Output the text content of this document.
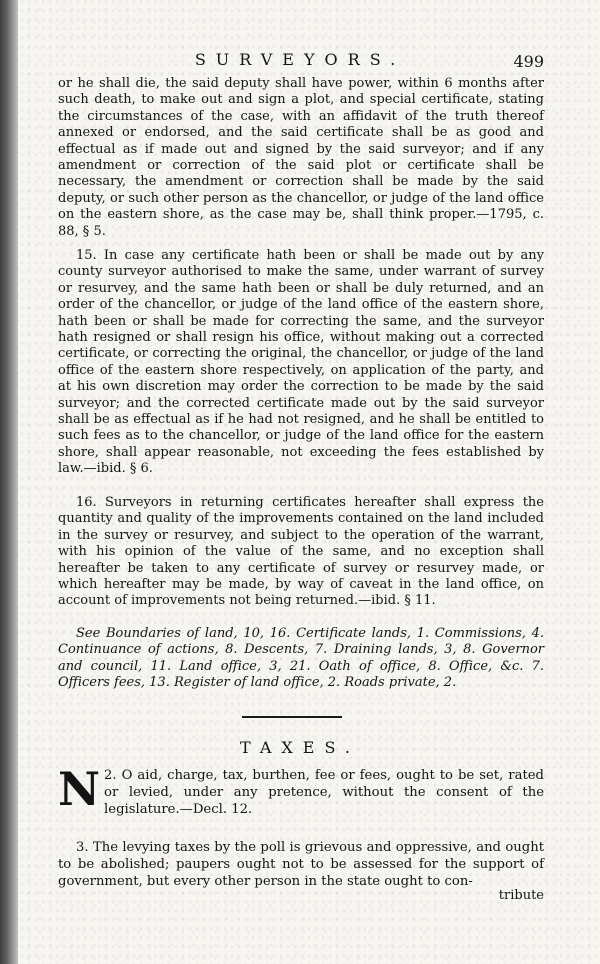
SURVEYORS.	499
or he shall die, the said deputy shall have power, within 6 months after such death, to make out and sign a plot, and special certificate, stating the circumstances of the case, with an affidavit of the truth thereof annexed or endorsed, and the said certificate shall be as good and effectual as if made out and signed by the said surveyor; and if any amendment or correction of the said plot or certificate shall be necessary, the amendment or correction shall be made by the said deputy, or such other person as the chancellor, or judge of the land office on the eastern shore, as the case may be, shall think proper.—1795, c. 88, § 5.
15. In case any certificate hath been or shall be made out by any county surveyor authorised to make the same, under warrant of survey or resurvey, and the same hath been or shall be duly returned, and an order of the chancellor, or judge of the land office of the eastern shore, hath been or shall be made for correcting the same, and the surveyor hath resigned or shall resign his office, without making out a corrected certificate, or correcting the original, the chancellor, or judge of the land office of the eastern shore respectively, on application of the party, and at his own discretion may order the correction to be made by the said surveyor; and the corrected certificate made out by the said surveyor shall be as effectual as if he had not resigned, and he shall be entitled to such fees as to the chancellor, or judge of the land office for the eastern shore, shall appear reasonable, not exceeding the fees established by law.—ibid. § 6.
16. Surveyors in returning certificates hereafter shall express the quantity and quality of the improvements contained on the land included in the survey or resurvey, and subject to the operation of the warrant, with his opinion of the value of the same, and no exception shall hereafter be taken to any certificate of survey or resurvey made, or which hereafter may be made, by way of caveat in the land office, on account of improvements not being returned.—ibid. § 11.
See Boundaries of land, 10, 16. Certificate lands, 1. Commissions, 4. Continuance of actions, 8. Descents, 7. Draining lands, 3, 8. Governor and council, 11. Land office, 3, 21. Oath of office, 8. Office, &c. 7. Officers fees, 13. Register of land office, 2. Roads private, 2.
TAXES.
2.
N O aid, charge, tax, burthen, fee or fees, ought to be set, rated or levied, under any pretence, without the consent of the legislature.—Decl. 12.
3. The levying taxes by the poll is grievous and oppressive, and ought to be abolished; paupers ought not to be assessed for the support of government, but every other person in the state ought to con-
tribute
